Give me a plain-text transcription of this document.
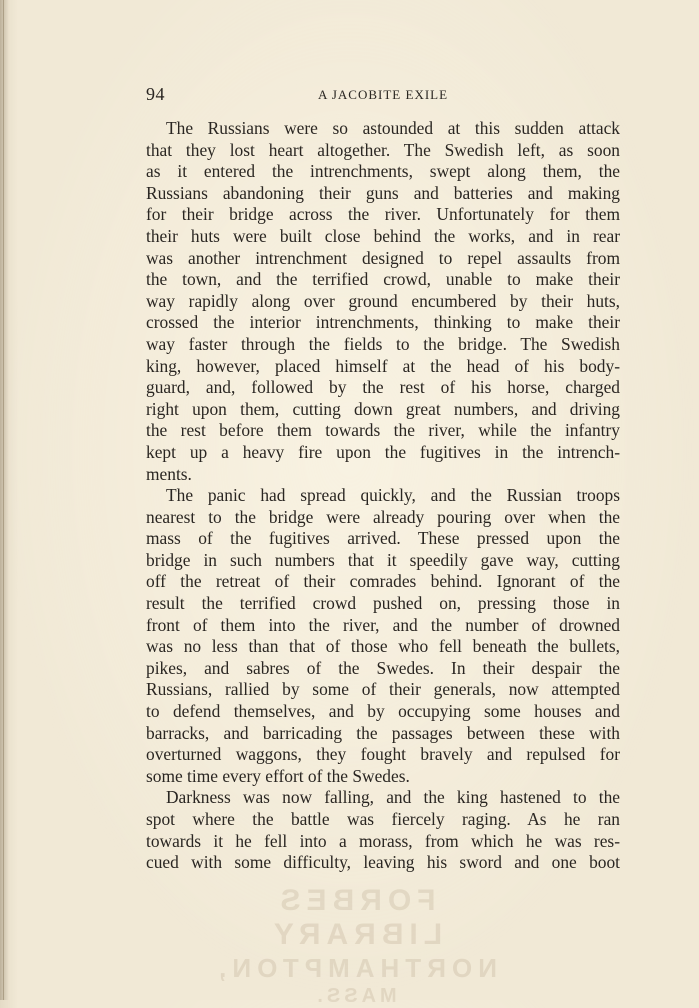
94	A JACOBITE EXILE
The Russians were so astounded at this sudden attack
that they lost heart altogether. The Swedish left, as soon
as it entered the intrenchments, swept along them, the
Russians abandoning their guns and batteries and making
for their bridge across the river. Unfortunately for them
their huts were built close behind the works, and in rear
was another intrenchment designed to repel assaults from
the town, and the terrified crowd, unable to make their
way rapidly along over ground encumbered by their huts,
crossed the interior intrenchments, thinking to make their
way faster through the fields to the bridge. The Swedish
king, however, placed himself at the head of his body-
guard, and, followed by the rest of his horse, charged
right upon them, cutting down great numbers, and driving
the rest before them towards the river, while the infantry
kept up a heavy fire upon the fugitives in the intrench-
ments.
The panic had spread quickly, and the Russian troops
nearest to the bridge were already pouring over when the
mass of the fugitives arrived. These pressed upon the
bridge in such numbers that it speedily gave way, cutting
off the retreat of their comrades behind. Ignorant of the
result the terrified crowd pushed on, pressing those in
front of them into the river, and the number of drowned
was no less than that of those who fell beneath the bullets,
pikes, and sabres of the Swedes. In their despair the
Russians, rallied by some of their generals, now attempted
to defend themselves, and by occupying some houses and
barracks, and barricading the passages between these with
overturned waggons, they fought bravely and repulsed for
some time every effort of the Swedes.
Darkness was now falling, and the king hastened to the
spot where the battle was fiercely raging. As he ran
towards it he fell into a morass, from which he was res-
cued with some difficulty, leaving his sword and one boot
FORBES LIBRARY
NORTHAMPTON,
MASS.
